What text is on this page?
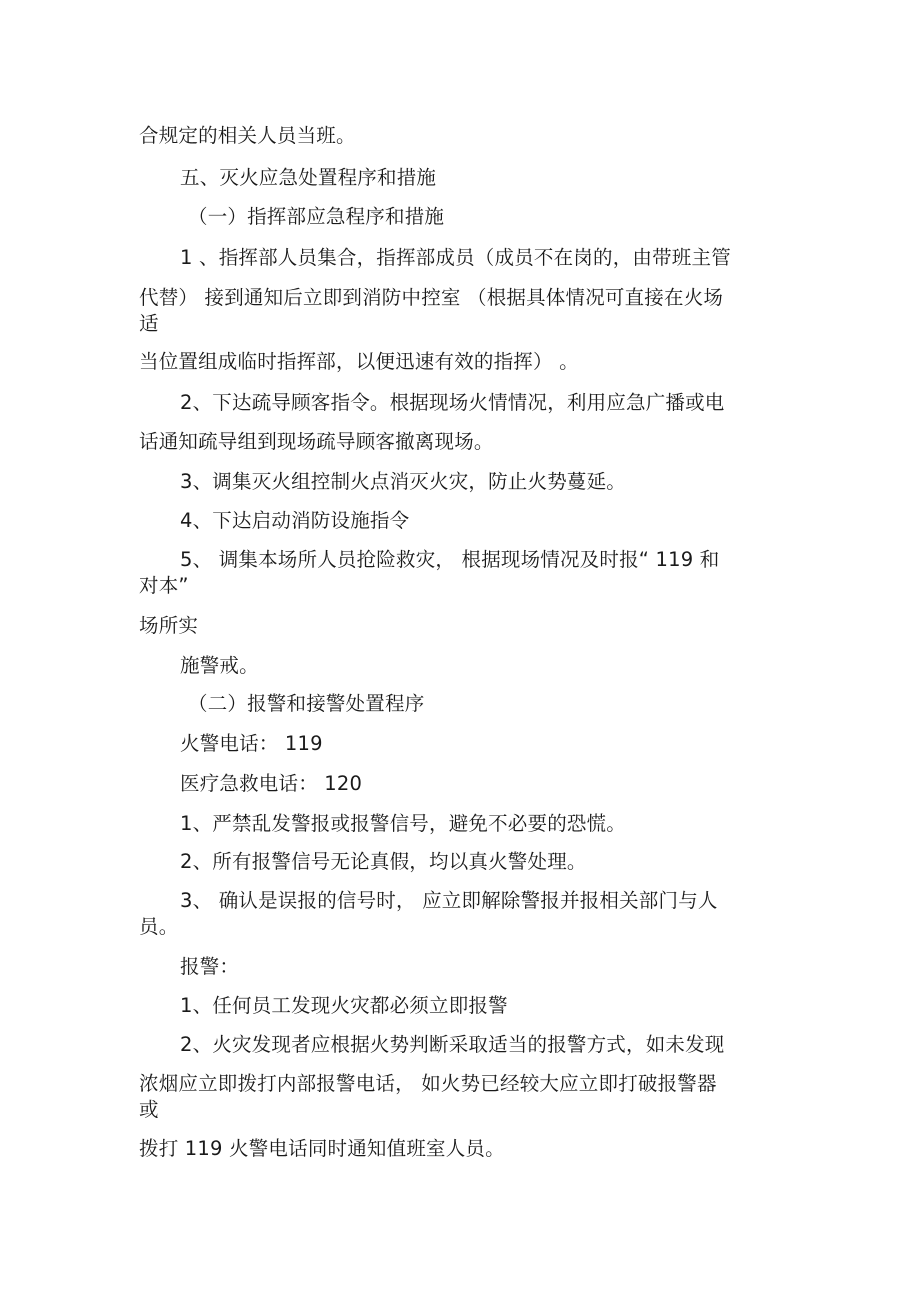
合规定的相关人员当班。

五、灭火应急处置程序和措施

（一）指挥部应急程序和措施

1 、指挥部人员集合，指挥部成员（成员不在岗的，由带班主管

代替） 接到通知后立即到消防中控室 （根据具体情况可直接在火场

适

当位置组成临时指挥部，以便迅速有效的指挥） 。

2、下达疏导顾客指令。根据现场火情情况，利用应急广播或电

话通知疏导组到现场疏导顾客撤离现场。

3、调集灭火组控制火点消灭火灾，防止火势蔓延。

4、下达启动消防设施指令

5、 调集本场所人员抢险救灾， 根据现场情况及时报“ 119 和

对本”

场所实

施警戒。

（二）报警和接警处置程序

火警电话： 119

医疗急救电话： 120

1、严禁乱发警报或报警信号，避免不必要的恐慌。

2、所有报警信号无论真假，均以真火警处理。

3、 确认是误报的信号时， 应立即解除警报并报相关部门与人

员。

报警：

1、任何员工发现火灾都必须立即报警

2、火灾发现者应根据火势判断采取适当的报警方式，如未发现

浓烟应立即拨打内部报警电话， 如火势已经较大应立即打破报警器

或

拨打 119 火警电话同时通知值班室人员。
